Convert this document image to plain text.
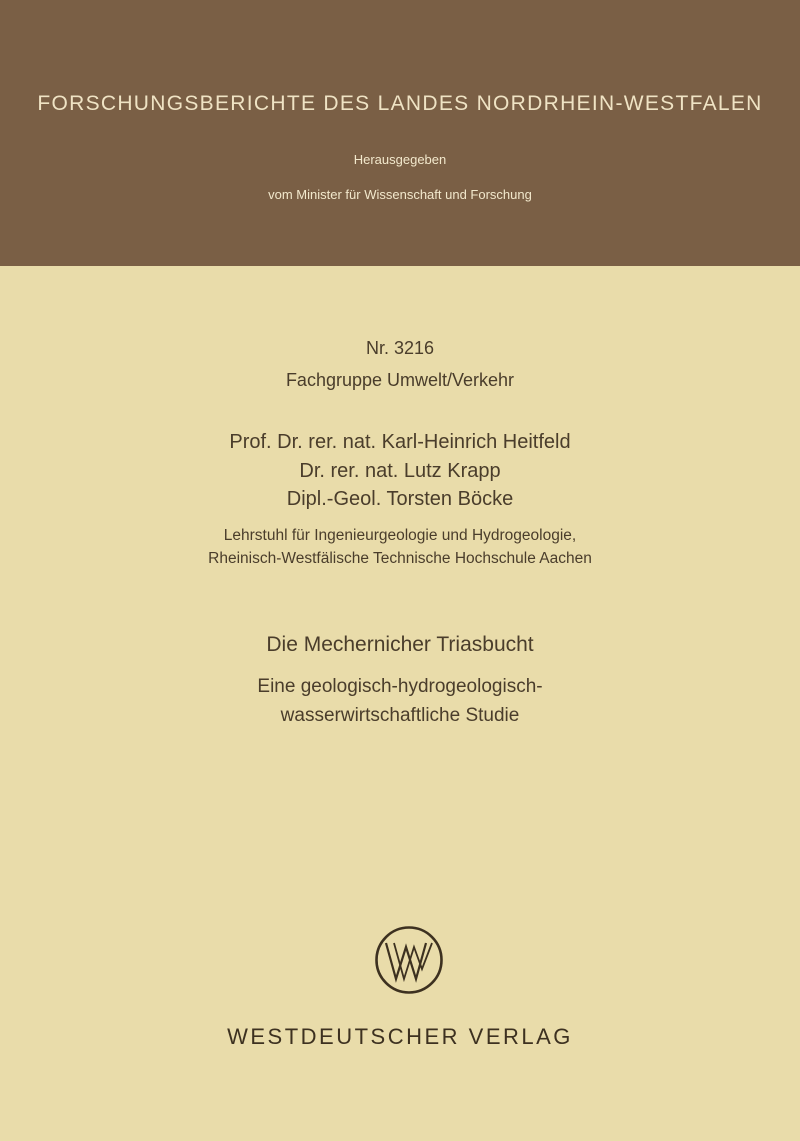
FORSCHUNGSBERICHTE DES LANDES NORDRHEIN-WESTFALEN
Herausgegeben
vom Minister für Wissenschaft und Forschung
Nr. 3216
Fachgruppe Umwelt/Verkehr
Prof. Dr. rer. nat. Karl-Heinrich Heitfeld
Dr. rer. nat. Lutz Krapp
Dipl.-Geol. Torsten Böcke
Lehrstuhl für Ingenieurgeologie und Hydrogeologie,
Rheinisch-Westfälische Technische Hochschule Aachen
Die Mechernicher Triasbucht
Eine geologisch-hydrogeologisch-
wasserwirtschaftliche Studie
WESTDEUTSCHER VERLAG
